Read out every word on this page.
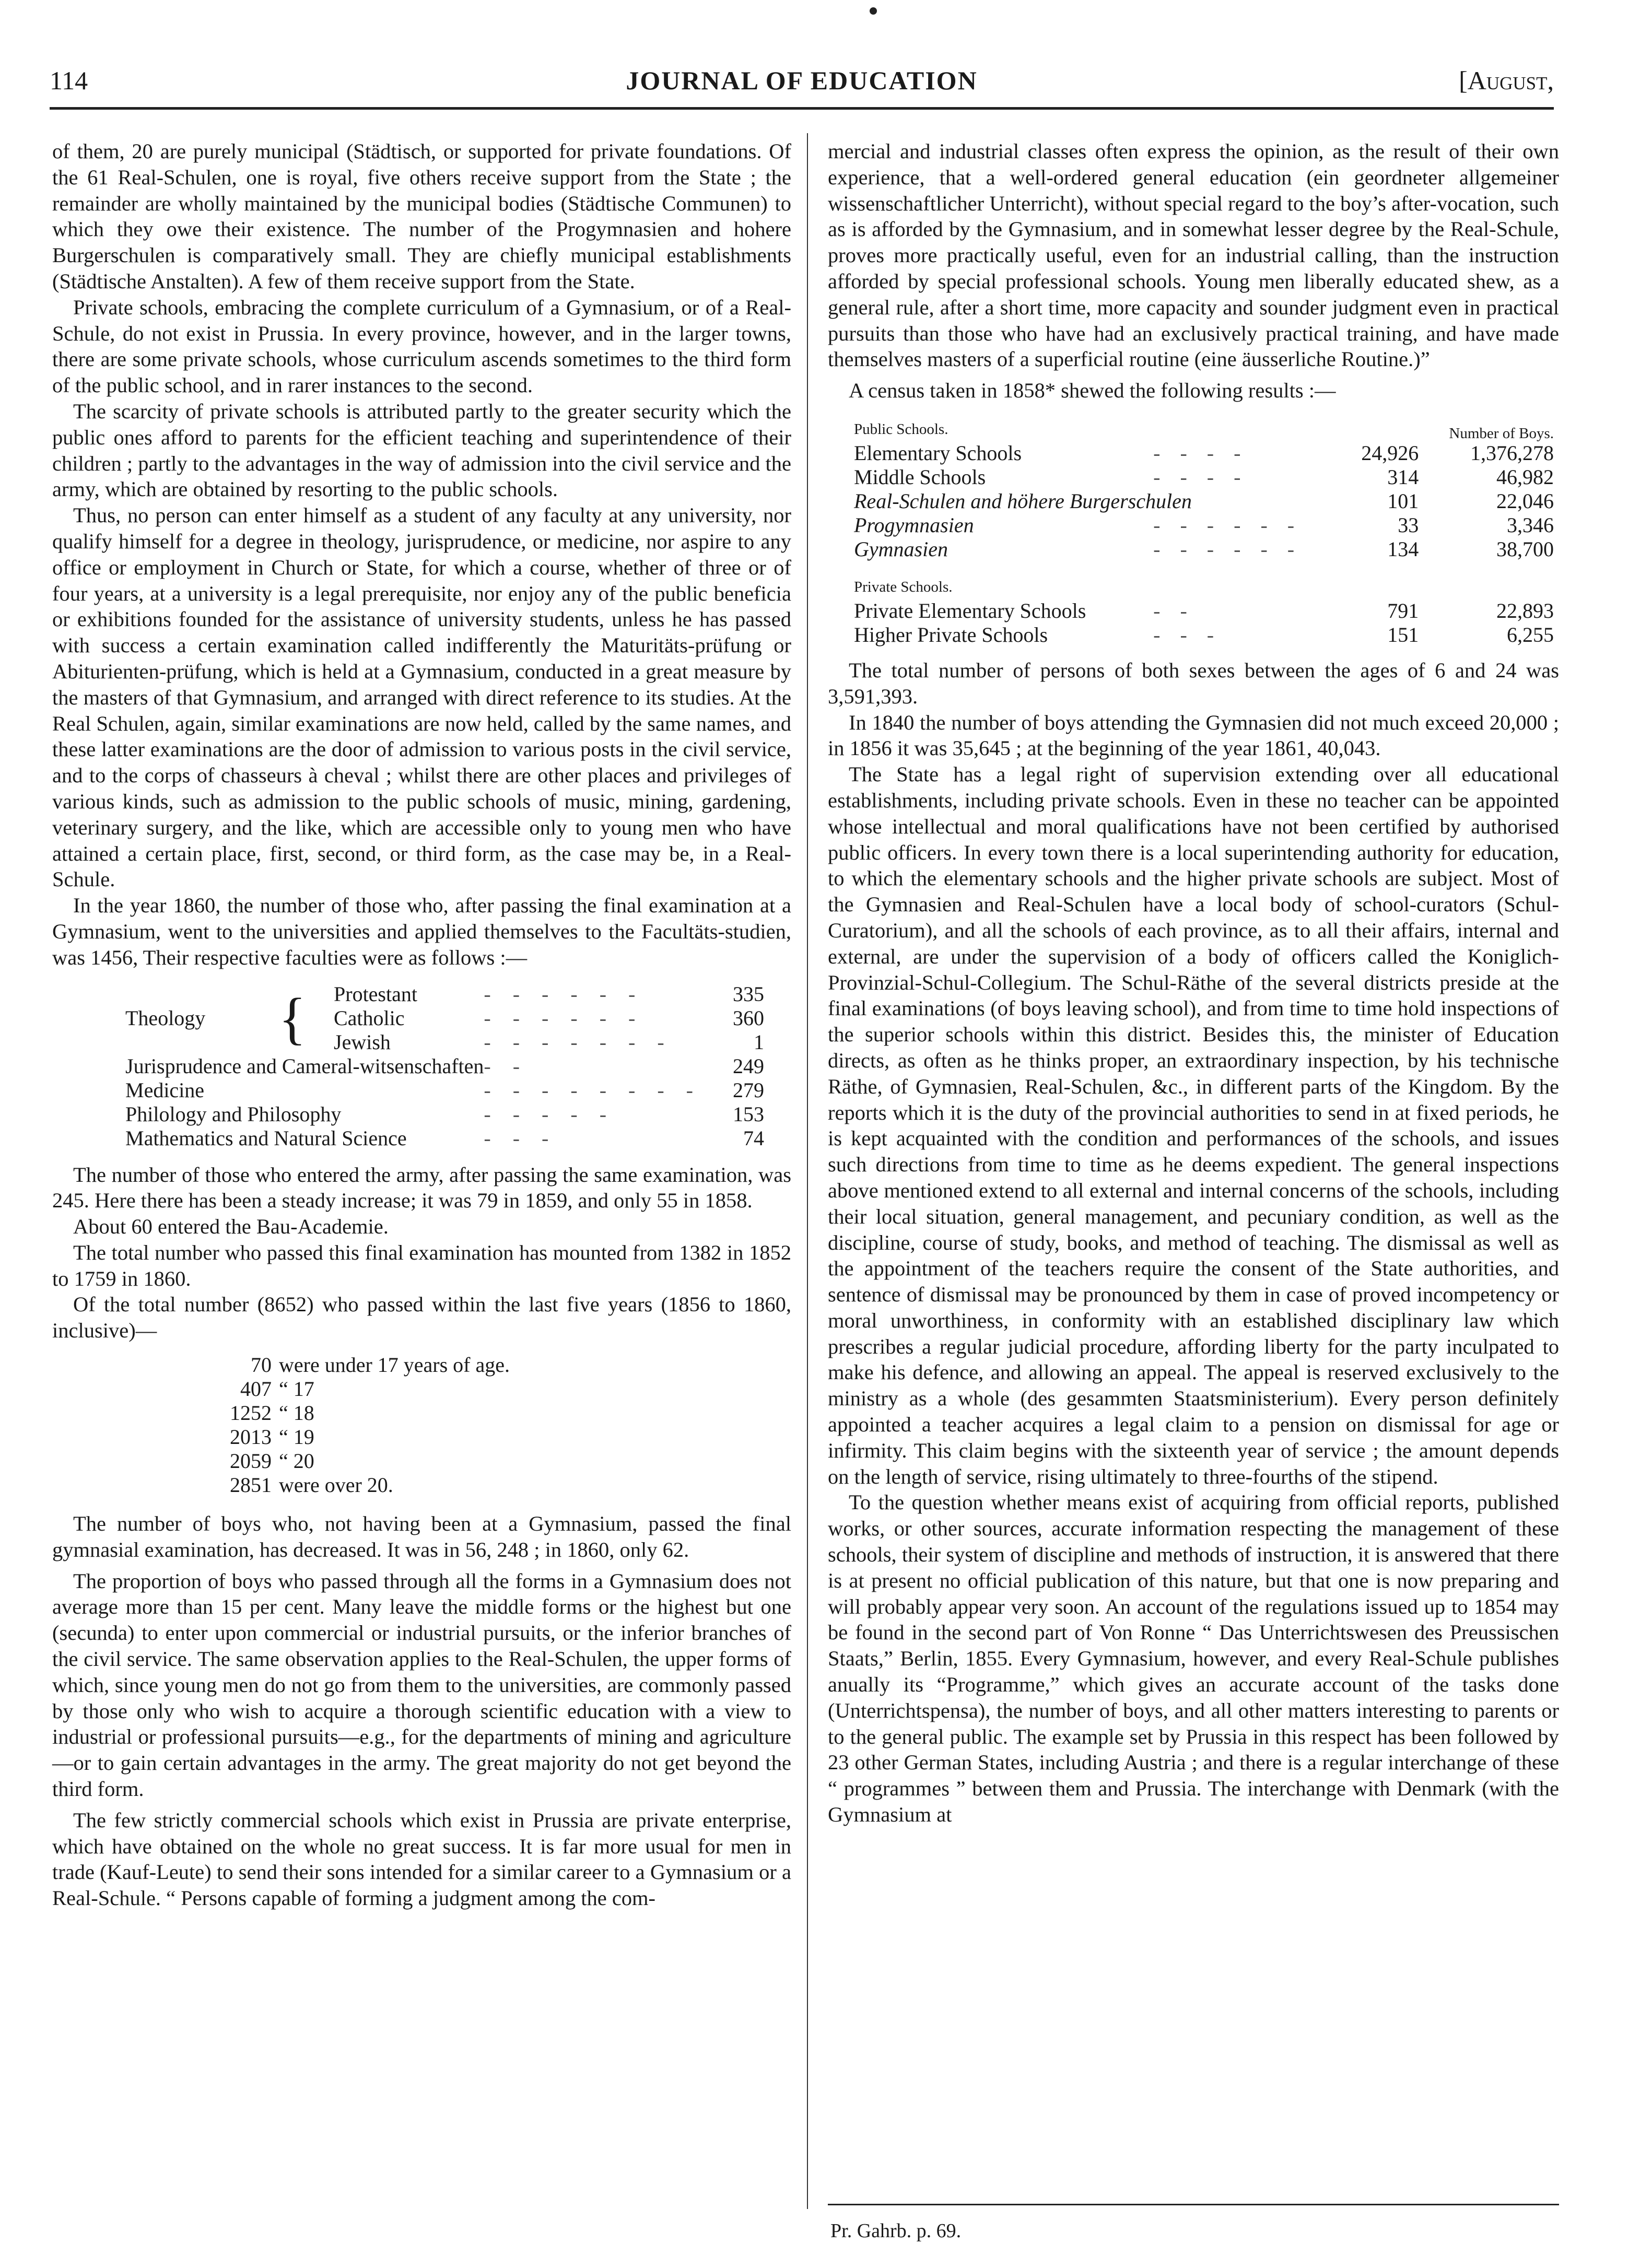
114	JOURNAL OF EDUCATION	[August,

of them, 20 are purely municipal (Städtisch, or supported for private foundations. Of the 61 Real-Schulen, one is royal, five others receive support from the State ; the remainder are wholly maintained by the municipal bodies (Städtische Communen) to which they owe their existence. The number of the Progymnasien and hohere Burgerschulen is comparatively small. They are chiefly municipal establishments (Städtische Anstalten). A few of them receive support from the State.

Private schools, embracing the complete curriculum of a Gymnasium, or of a Real-Schule, do not exist in Prussia. In every province, however, and in the larger towns, there are some private schools, whose curriculum ascends sometimes to the third form of the public school, and in rarer instances to the second.

The scarcity of private schools is attributed partly to the greater security which the public ones afford to parents for the efficient teaching and superintendence of their children ; partly to the advantages in the way of admission into the civil service and the army, which are obtained by resorting to the public schools.

Thus, no person can enter himself as a student of any faculty at any university, nor qualify himself for a degree in theology, jurisprudence, or medicine, nor aspire to any office or employment in Church or State, for which a course, whether of three or of four years, at a university is a legal prerequisite, nor enjoy any of the public beneficia or exhibitions founded for the assistance of university students, unless he has passed with success a certain examination called indifferently the Maturitäts-prüfung or Abiturienten-prüfung, which is held at a Gymnasium, conducted in a great measure by the masters of that Gymnasium, and arranged with direct reference to its studies. At the Real Schulen, again, similar examinations are now held, called by the same names, and these latter examinations are the door of admission to various posts in the civil service, and to the corps of chasseurs à cheval ; whilst there are other places and privileges of various kinds, such as admission to the public schools of music, mining, gardening, veterinary surgery, and the like, which are accessible only to young men who have attained a certain place, first, second, or third form, as the case may be, in a Real-Schule.

In the year 1860, the number of those who, after passing the final examination at a Gymnasium, went to the universities and applied themselves to the Facultäts-studien, was 1456, Their respective faculties were as follows :—

Theology	{	Protestant	- - - - - -	335
		Catholic	- - - - - -	360
		Jewish	- - - - - - -	1
Jurisprudence and Cameral-witsenschaften			- -	249
Medicine			- - - - - - - -	279
Philology and Philosophy			- - - - -	153
Mathematics and Natural Science			- - -	74

The number of those who entered the army, after passing the same examination, was 245. Here there has been a steady increase; it was 79 in 1859, and only 55 in 1858.

About 60 entered the Bau-Academie.

The total number who passed this final examination has mounted from 1382 in 1852 to 1759 in 1860.

Of the total number (8652) who passed within the last five years (1856 to 1860, inclusive)—

70	were under 17 years of age.
407	“ 17
1252	“ 18
2013	“ 19
2059	“ 20
2851	were over 20.

The number of boys who, not having been at a Gymnasium, passed the final gymnasial examination, has decreased. It was in 56, 248 ; in 1860, only 62.

The proportion of boys who passed through all the forms in a Gymnasium does not average more than 15 per cent. Many leave the middle forms or the highest but one (secunda) to enter upon commercial or industrial pursuits, or the inferior branches of the civil service. The same observation applies to the Real-Schulen, the upper forms of which, since young men do not go from them to the universities, are commonly passed by those only who wish to acquire a thorough scientific education with a view to industrial or professional pursuits—e.g., for the departments of mining and agriculture—or to gain certain advantages in the army. The great majority do not get beyond the third form.

The few strictly commercial schools which exist in Prussia are private enterprise, which have obtained on the whole no great success. It is far more usual for men in trade (Kauf-Leute) to send their sons intended for a similar career to a Gymnasium or a Real-Schule. “ Persons capable of forming a judgment among the com-

mercial and industrial classes often express the opinion, as the result of their own experience, that a well-ordered general education (ein geordneter allgemeiner wissenschaftlicher Unterricht), without special regard to the boy’s after-vocation, such as is afforded by the Gymnasium, and in somewhat lesser degree by the Real-Schule, proves more practically useful, even for an industrial calling, than the instruction afforded by special professional schools. Young men liberally educated shew, as a general rule, after a short time, more capacity and sounder judgment even in practical pursuits than those who have had an exclusively practical training, and have made themselves masters of a superficial routine (eine äusserliche Routine.)”

A census taken in 1858* shewed the following results :—

Public Schools.			Number of Boys.
Elementary Schools	- - - -	24,926	1,376,278
Middle Schools	- - - -	314	46,982
Real-Schulen and höhere Burgerschulen		101	22,046
Progymnasien	- - - - - -	33	3,346
Gymnasien	- - - - - -	134	38,700
Private Schools.			
Private Elementary Schools	- -	791	22,893
Higher Private Schools	- - -	151	6,255

The total number of persons of both sexes between the ages of 6 and 24 was 3,591,393.

In 1840 the number of boys attending the Gymnasien did not much exceed 20,000 ; in 1856 it was 35,645 ; at the beginning of the year 1861, 40,043.

The State has a legal right of supervision extending over all educational establishments, including private schools. Even in these no teacher can be appointed whose intellectual and moral qualifications have not been certified by authorised public officers. In every town there is a local superintending authority for education, to which the elementary schools and the higher private schools are subject. Most of the Gymnasien and Real-Schulen have a local body of school-curators (Schul-Curatorium), and all the schools of each province, as to all their affairs, internal and external, are under the supervision of a body of officers called the Koniglich-Provinzial-Schul-Collegium. The Schul-Räthe of the several districts preside at the final examinations (of boys leaving school), and from time to time hold inspections of the superior schools within this district. Besides this, the minister of Education directs, as often as he thinks proper, an extraordinary inspection, by his technische Räthe, of Gymnasien, Real-Schulen, &c., in different parts of the Kingdom. By the reports which it is the duty of the provincial authorities to send in at fixed periods, he is kept acquainted with the condition and performances of the schools, and issues such directions from time to time as he deems expedient. The general inspections above mentioned extend to all external and internal concerns of the schools, including their local situation, general management, and pecuniary condition, as well as the discipline, course of study, books, and method of teaching. The dismissal as well as the appointment of the teachers require the consent of the State authorities, and sentence of dismissal may be pronounced by them in case of proved incompetency or moral unworthiness, in conformity with an established disciplinary law which prescribes a regular judicial procedure, affording liberty for the party inculpated to make his defence, and allowing an appeal. The appeal is reserved exclusively to the ministry as a whole (des gesammten Staatsministerium). Every person definitely appointed a teacher acquires a legal claim to a pension on dismissal for age or infirmity. This claim begins with the sixteenth year of service ; the amount depends on the length of service, rising ultimately to three-fourths of the stipend.

To the question whether means exist of acquiring from official reports, published works, or other sources, accurate information respecting the management of these schools, their system of discipline and methods of instruction, it is answered that there is at present no official publication of this nature, but that one is now preparing and will probably appear very soon. An account of the regulations issued up to 1854 may be found in the second part of Von Ronne “ Das Unterrichtswesen des Preussischen Staats,” Berlin, 1855. Every Gymnasium, however, and every Real-Schule publishes anually its “Programme,” which gives an accurate account of the tasks done (Unterrichtspensa), the number of boys, and all other matters interesting to parents or to the general public. The example set by Prussia in this respect has been followed by 23 other German States, including Austria ; and there is a regular interchange of these “ programmes ” between them and Prussia. The interchange with Denmark (with the Gymnasium at

Pr. Gahrb. p. 69.
